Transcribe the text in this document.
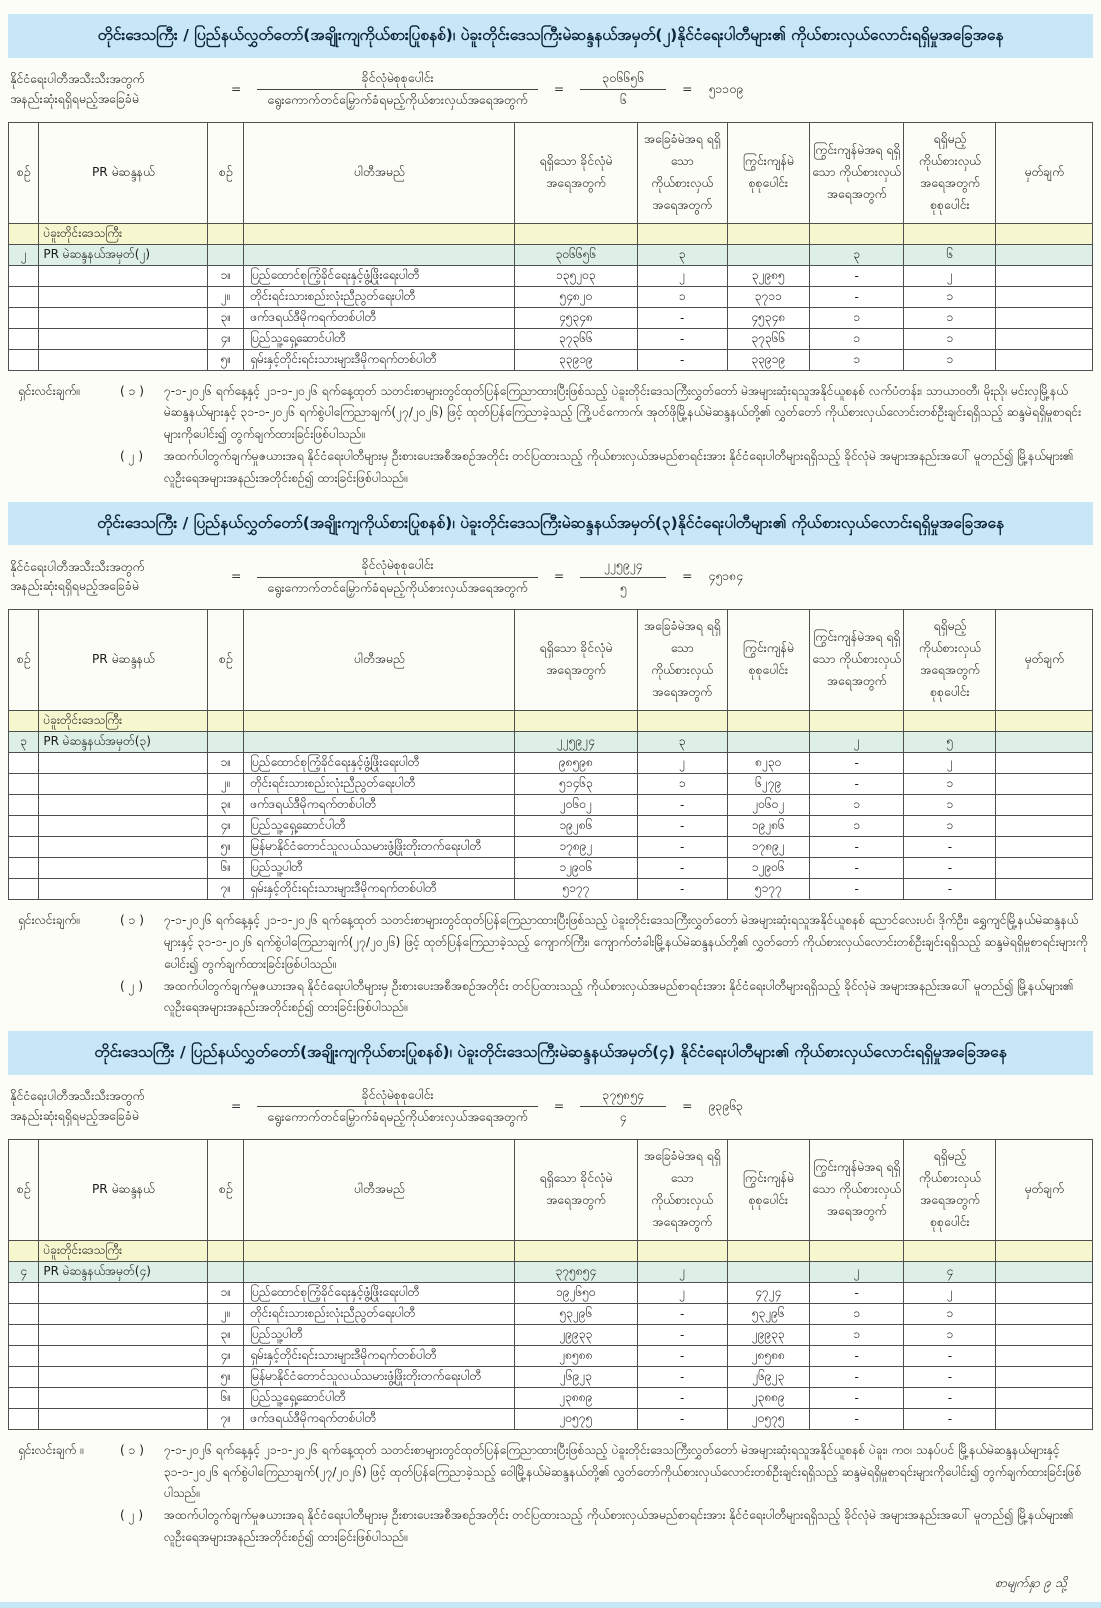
တိုင်းဒေသကြီး / ပြည်နယ်လွှတ်တော်(အချိုးကျကိုယ်စားပြုစနစ်)၊ ပဲခူးတိုင်းဒေသကြီးမဲဆန္ဒနယ်အမှတ်(၂)နိုင်ငံရေးပါတီများ၏ ကိုယ်စားလှယ်လောင်းရရှိမှုအခြေအနေ
နိုင်ငံရေးပါတီအသီးသီးအတွက်
အနည်းဆုံးရရှိရမည့်အခြေခံမဲ
=	$\frac{\text{ခိုင်လုံမဲစုစုပေါင်း}}{\text{ရွေးကောက်တင်မြှောက်ခံရမည့်ကိုယ်စားလှယ်အရေအတွက်}}$	=	$\frac{၃၀၆၆၅၆}{၆}$	=	၅၁၁၀၉
စဉ်	PR မဲဆန္ဒနယ်	စဉ်	ပါတီအမည်	ရရှိသော ခိုင်လုံမဲအရေအတွက်	အခြေခံမဲအရ ရရှိသော ကိုယ်စားလှယ် အရေအတွက်	ကြွင်းကျန်မဲ စုစုပေါင်း	ကြွင်းကျန်မဲအရ ရရှိသော ကိုယ်စားလှယ် အရေအတွက်	ရရှိမည့် ကိုယ်စားလှယ် အရေအတွက် စုစုပေါင်း	မှတ်ချက်
	ပဲခူးတိုင်းဒေသကြီး								
၂	PR မဲဆန္ဒနယ်အမှတ်(၂)			၃၀၆၆၅၆	၃		၃	၆	
		၁။	ပြည်ထောင်စုကြံ့ခိုင်ရေးနှင့်ဖွံ့ဖြိုးရေးပါတီ	၁၃၅၂၀၃	၂	၃၂၉၈၅	-	၂	
		၂။	တိုင်းရင်းသားစည်းလုံးညီညွတ်ရေးပါတီ	၅၄၈၂၀	၁	၃၇၁၁	-	၁	
		၃။	ဖက်ဒရယ်ဒီမိုကရက်တစ်ပါတီ	၄၅၃၄၈	-	၄၅၃၄၈	၁	၁	
		၄။	ပြည်သူ့ရှေ့ဆောင်ပါတီ	၃၇၃၆၆	-	၃၇၃၆၆	၁	၁	
		၅။	ရှမ်းနှင့်တိုင်းရင်းသားများဒီမိုကရက်တစ်ပါတီ	၃၃၉၁၉	-	၃၃၉၁၉	၁	၁	
ရှင်းလင်းချက်။	( ၁ )	၇-၁-၂၀၂၆ ရက်နေ့နှင့် ၂၁-၁-၂၀၂၆ ရက်နေ့ထုတ် သတင်းစာများတွင်ထုတ်ပြန်ကြေညာထားပြီးဖြစ်သည့် ပဲခူးတိုင်းဒေသကြီးလွှတ်တော် မဲအများဆုံးရသူအနိုင်ယူစနစ် လက်ပံတန်း၊ သာယာဝတီ၊ မိုးညို၊ မင်းလှမြို့နယ် မဲဆန္ဒနယ်များနှင့် ၃၁-၁-၂၀၂၆ ရက်စွဲပါကြေညာချက်(၂၇/၂၀၂၆) ဖြင့် ထုတ်ပြန်ကြေညာခဲ့သည့် ကြို့ပင်ကောက်၊ အုတ်ဖိုမြို့နယ်မဲဆန္ဒနယ်တို့၏ လွှတ်တော် ကိုယ်စားလှယ်လောင်းတစ်ဦးချင်းရရှိသည့် ဆန္ဒမဲရရှိမှုစာရင်းများကိုပေါင်း၍ တွက်ချက်ထားခြင်းဖြစ်ပါသည်။
( ၂ )	အထက်ပါတွက်ချက်မှုဇယားအရ နိုင်ငံရေးပါတီများမှ ဦးစားပေးအစီအစဉ်အတိုင်း တင်ပြထားသည့် ကိုယ်စားလှယ်အမည်စာရင်းအား နိုင်ငံရေးပါတီများရရှိသည့် ခိုင်လုံမဲ အများအနည်းအပေါ် မူတည်၍ မြို့နယ်များ၏ လူဦးရေအများအနည်းအတိုင်းစဉ်၍ ထားခြင်းဖြစ်ပါသည်။
တိုင်းဒေသကြီး / ပြည်နယ်လွှတ်တော်(အချိုးကျကိုယ်စားပြုစနစ်)၊ ပဲခူးတိုင်းဒေသကြီးမဲဆန္ဒနယ်အမှတ်(၃)နိုင်ငံရေးပါတီများ၏ ကိုယ်စားလှယ်လောင်းရရှိမှုအခြေအနေ
နိုင်ငံရေးပါတီအသီးသီးအတွက်
အနည်းဆုံးရရှိရမည့်အခြေခံမဲ
=	$\frac{\text{ခိုင်လုံမဲစုစုပေါင်း}}{\text{ရွေးကောက်တင်မြှောက်ခံရမည့်ကိုယ်စားလှယ်အရေအတွက်}}$	=	$\frac{၂၂၅၉၂၄}{၅}$	=	၄၅၁၈၄
စဉ်	PR မဲဆန္ဒနယ်	စဉ်	ပါတီအမည်	ရရှိသော ခိုင်လုံမဲအရေအတွက်	အခြေခံမဲအရ ရရှိသော ကိုယ်စားလှယ် အရေအတွက်	ကြွင်းကျန်မဲ စုစုပေါင်း	ကြွင်းကျန်မဲအရ ရရှိသော ကိုယ်စားလှယ် အရေအတွက်	ရရှိမည့် ကိုယ်စားလှယ် အရေအတွက် စုစုပေါင်း	မှတ်ချက်
	ပဲခူးတိုင်းဒေသကြီး								
၃	PR မဲဆန္ဒနယ်အမှတ်(၃)			၂၂၅၉၂၄	၃		၂	၅	
		၁။	ပြည်ထောင်စုကြံ့ခိုင်ရေးနှင့်ဖွံ့ဖြိုးရေးပါတီ	၉၈၅၉၈	၂	၈၂၃၀	-	၂	
		၂။	တိုင်းရင်းသားစည်းလုံးညီညွတ်ရေးပါတီ	၅၁၄၆၃	၁	၆၂၇၉	-	၁	
		၃။	ဖက်ဒရယ်ဒီမိုကရက်တစ်ပါတီ	၂၀၆၀၂	-	၂၀၆၀၂	၁	၁	
		၄။	ပြည်သူ့ရှေ့ဆောင်ပါတီ	၁၉၂၈၆	-	၁၉၂၈၆	၁	၁	
		၅။	မြန်မာနိုင်ငံတောင်သူလယ်သမားဖွံ့ဖြိုးတိုးတက်ရေးပါတီ	၁၇၈၉၂	-	၁၇၈၉၂	-	-	
		၆။	ပြည်သူ့ပါတီ	၁၂၉၀၆	-	၁၂၉၀၆	-	-	
		၇။	ရှမ်းနှင့်တိုင်းရင်းသားများဒီမိုကရက်တစ်ပါတီ	၅၁၇၇	-	၅၁၇၇	-	-	
ရှင်းလင်းချက်။	( ၁ )	၇-၁-၂၀၂၆ ရက်နေ့နှင့် ၂၁-၁-၂၀၂၆ ရက်နေ့ထုတ် သတင်းစာများတွင်ထုတ်ပြန်ကြေညာထားပြီးဖြစ်သည့် ပဲခူးတိုင်းဒေသကြီးလွှတ်တော် မဲအများဆုံးရသူအနိုင်ယူစနစ် ညောင်လေးပင်၊ ဒိုက်ဦး၊ ရွှေကျင်မြို့နယ်မဲဆန္ဒနယ်များနှင့် ၃၁-၁-၂၀၂၆ ရက်စွဲပါကြေညာချက်(၂၇/၂၀၂၆) ဖြင့် ထုတ်ပြန်ကြေညာခဲ့သည့် ကျောက်ကြီး၊ ကျောက်တံခါးမြို့နယ်မဲဆန္ဒနယ်တို့၏ လွှတ်တော် ကိုယ်စားလှယ်လောင်းတစ်ဦးချင်းရရှိသည့် ဆန္ဒမဲရရှိမှုစာရင်းများကိုပေါင်း၍ တွက်ချက်ထားခြင်းဖြစ်ပါသည်။
( ၂ )	အထက်ပါတွက်ချက်မှုဇယားအရ နိုင်ငံရေးပါတီများမှ ဦးစားပေးအစီအစဉ်အတိုင်း တင်ပြထားသည့် ကိုယ်စားလှယ်အမည်စာရင်းအား နိုင်ငံရေးပါတီများရရှိသည့် ခိုင်လုံမဲ အများအနည်းအပေါ် မူတည်၍ မြို့နယ်များ၏ လူဦးရေအများအနည်းအတိုင်းစဉ်၍ ထားခြင်းဖြစ်ပါသည်။
တိုင်းဒေသကြီး / ပြည်နယ်လွှတ်တော်(အချိုးကျကိုယ်စားပြုစနစ်)၊ ပဲခူးတိုင်းဒေသကြီးမဲဆန္ဒနယ်အမှတ်(၄) နိုင်ငံရေးပါတီများ၏ ကိုယ်စားလှယ်လောင်းရရှိမှုအခြေအနေ
နိုင်ငံရေးပါတီအသီးသီးအတွက်
အနည်းဆုံးရရှိရမည့်အခြေခံမဲ
=	$\frac{\text{ခိုင်လုံမဲစုစုပေါင်း}}{\text{ရွေးကောက်တင်မြှောက်ခံရမည့်ကိုယ်စားလှယ်အရေအတွက်}}$	=	$\frac{၃၇၅၈၅၄}{၄}$	=	၉၃၉၆၃
စဉ်	PR မဲဆန္ဒနယ်	စဉ်	ပါတီအမည်	ရရှိသော ခိုင်လုံမဲအရေအတွက်	အခြေခံမဲအရ ရရှိသော ကိုယ်စားလှယ် အရေအတွက်	ကြွင်းကျန်မဲ စုစုပေါင်း	ကြွင်းကျန်မဲအရ ရရှိသော ကိုယ်စားလှယ် အရေအတွက်	ရရှိမည့် ကိုယ်စားလှယ် အရေအတွက် စုစုပေါင်း	မှတ်ချက်
	ပဲခူးတိုင်းဒေသကြီး								
၄	PR မဲဆန္ဒနယ်အမှတ်(၄)			၃၇၅၈၅၄	၂		၂	၄	
		၁။	ပြည်ထောင်စုကြံ့ခိုင်ရေးနှင့်ဖွံ့ဖြိုးရေးပါတီ	၁၉၂၆၅၀	၂	၄၇၂၄	-	၂	
		၂။	တိုင်းရင်းသားစည်းလုံးညီညွတ်ရေးပါတီ	၅၃၂၉၆	-	၅၃၂၉၆	၁	၁	
		၃။	ပြည်သူ့ပါတီ	၂၉၉၃၃	-	၂၉၉၃၃	၁	၁	
		၄။	ရှမ်းနှင့်တိုင်းရင်းသားများဒီမိုကရက်တစ်ပါတီ	၂၈၅၈၈	-	၂၈၅၈၈	-	-	
		၅။	မြန်မာနိုင်ငံတောင်သူလယ်သမားဖွံ့ဖြိုးတိုးတက်ရေးပါတီ	၂၆၉၂၃	-	၂၆၉၂၃	-	-	
		၆။	ပြည်သူ့ရှေ့ဆောင်ပါတီ	၂၃၈၈၉	-	၂၃၈၈၉	-	-	
		၇။	ဖက်ဒရယ်ဒီမိုကရက်တစ်ပါတီ	၂၀၅၇၅	-	၂၀၅၇၅	-	-	
ရှင်းလင်းချက် ။	( ၁ )	၇-၁-၂၀၂၆ ရက်နေ့နှင့် ၂၁-၁-၂၀၂၆ ရက်နေ့ထုတ် သတင်းစာများတွင်ထုတ်ပြန်ကြေညာထားပြီးဖြစ်သည့် ပဲခူးတိုင်းဒေသကြီးလွှတ်တော် မဲအများဆုံးရသူအနိုင်ယူစနစ် ပဲခူး၊ ကဝ၊ သနပ်ပင် မြို့နယ်မဲဆန္ဒနယ်များနှင့် ၃၁-၁-၂၀၂၆ ရက်စွဲပါကြေညာချက်(၂၇/၂၀၂၆) ဖြင့် ထုတ်ပြန်ကြေညာခဲ့သည့် ဝေါမြို့နယ်မဲဆန္ဒနယ်တို့၏ လွှတ်တော်ကိုယ်စားလှယ်လောင်းတစ်ဦးချင်းရရှိသည့် ဆန္ဒမဲရရှိမှုစာရင်းများကိုပေါင်း၍ တွက်ချက်ထားခြင်းဖြစ်ပါသည်။
( ၂ )	အထက်ပါတွက်ချက်မှုဇယားအရ နိုင်ငံရေးပါတီများမှ ဦးစားပေးအစီအစဉ်အတိုင်း တင်ပြထားသည့် ကိုယ်စားလှယ်အမည်စာရင်းအား နိုင်ငံရေးပါတီများရရှိသည့် ခိုင်လုံမဲ အများအနည်းအပေါ် မူတည်၍ မြို့နယ်များ၏ လူဦးရေအများအနည်းအတိုင်းစဉ်၍ ထားခြင်းဖြစ်ပါသည်။
စာမျက်နှာ ၉ သို့
